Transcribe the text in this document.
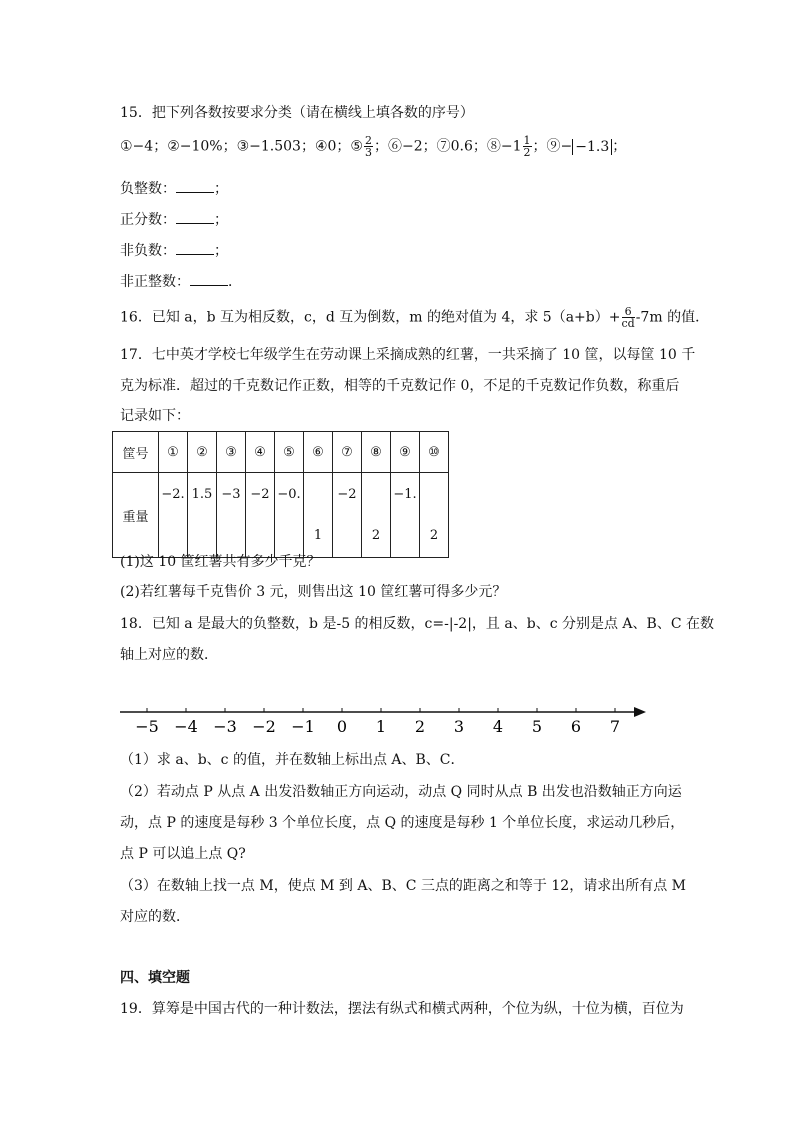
15．把下列各数按要求分类（请在横线上填各数的序号）
①−4；②−10%；③−1.503；④0；⑤ $\frac{2}{3}$ ；⑥−2；⑦0.6；⑧−1 $\frac{1}{2}$ ；⑨− −1.3 ；
负整数：	；
正分数：	；
非负数：	；
非正整数：	．
16．已知 a，b 互为相反数，c，d 互为倒数，m 的绝对值为 4，求 $5(a+b)+ \frac{6}{cd} -7m$ 的值．
17．七中英才学校七年级学生在劳动课上采摘成熟的红薯，一共采摘了 10 筐，以每筐 10 千
克为标准．超过的千克数记作正数，相等的千克数记作 0，不足的千克数记作负数，称重后
记录如下：
筐号	①	②	③	④	⑤	⑥	⑦	⑧	⑨	⑩
重量	−2.	1.5	−3	−2	−0.	1	−2	2	−1.	2
(1)这 10 筐红薯共有多少千克？
(2)若红薯每千克售价 3 元，则售出这 10 筐红薯可得多少元？
18．已知 a 是最大的负整数，b 是-5 的相反数，c=-|-2|，且 a、b、c 分别是点 A、B、C 在数
轴上对应的数．
−5 −4 −3 −2 −1 0 1 2 3 4 5 6 7
（1）求 a、b、c 的值，并在数轴上标出点 A、B、C．
（2）若动点 P 从点 A 出发沿数轴正方向运动，动点 Q 同时从点 B 出发也沿数轴正方向运
动，点 P 的速度是每秒 3 个单位长度，点 Q 的速度是每秒 1 个单位长度，求运动几秒后，
点 P 可以追上点 Q?
（3）在数轴上找一点 M，使点 M 到 A、B、C 三点的距离之和等于 12，请求出所有点 M
对应的数．
四、填空题
19．算筹是中国古代的一种计数法，摆法有纵式和横式两种，个位为纵，十位为横，百位为
